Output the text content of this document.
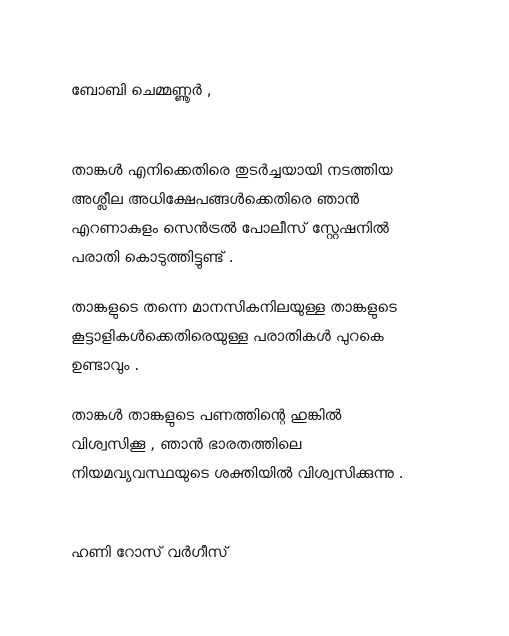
ബോബി ചെമ്മണ്ണൂർ ,
താങ്കൾ എനിക്കെതിരെ തുടർച്ചയായി നടത്തിയ
അശ്ലീല അധിക്ഷേപങ്ങൾക്കെതിരെ ഞാൻ
എറണാകുളം സെൻട്രൽ പോലീസ് സ്റ്റേഷനിൽ
പരാതി കൊടുത്തിട്ടുണ്ട് .
താങ്കളുടെ തന്നെ മാനസികനിലയുള്ള താങ്കളുടെ
കൂട്ടാളികൾക്കെതിരെയുള്ള പരാതികൾ പുറകെ
ഉണ്ടാവും .
താങ്കൾ താങ്കളുടെ പണത്തിന്റെ ഹുങ്കിൽ
വിശ്വസിക്കൂ , ഞാൻ ഭാരതത്തിലെ
നിയമവ്യവസ്ഥയുടെ ശക്തിയിൽ വിശ്വസിക്കുന്നു .
ഹണി റോസ് വർഗീസ്
